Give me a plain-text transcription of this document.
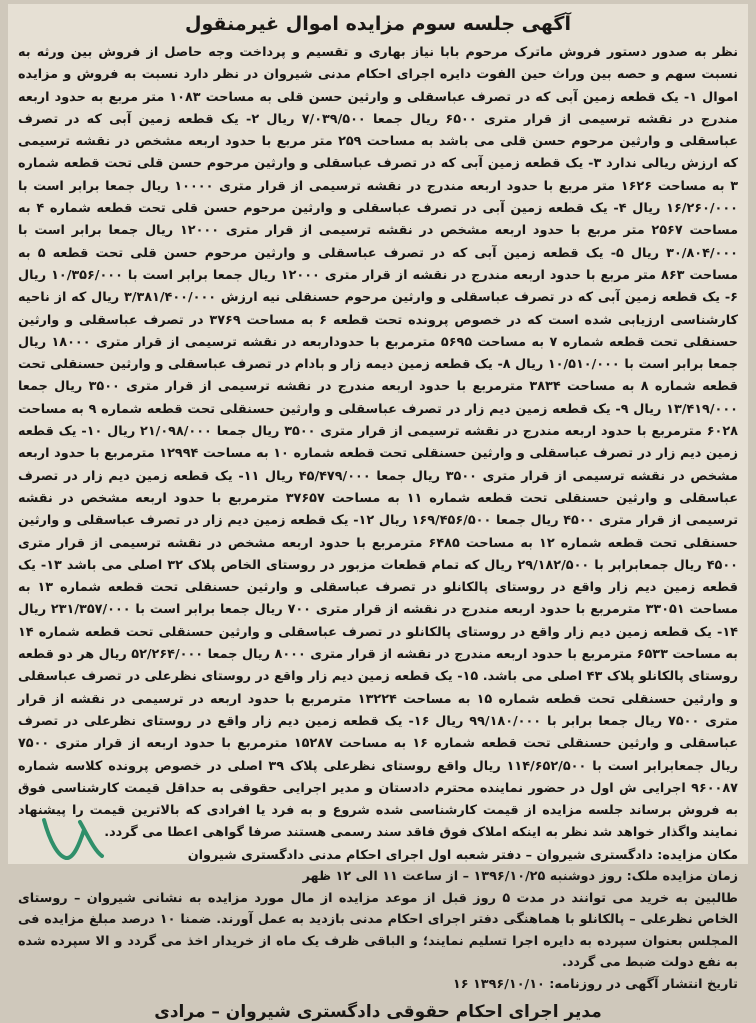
آگهی جلسه سوم مزایده اموال غیرمنقول

نظر به صدور دستور فروش ماترک مرحوم بابا نیاز بهاری و تقسیم و پرداخت وجه حاصل از فروش بین ورثه به نسبت سهم و حصه بین وراث حین الفوت دایره اجرای احکام مدنی شیروان در نظر دارد نسبت به فروش و مزایده اموال ۱- یک قطعه زمین آبی که در تصرف عباسقلی و وارثین حسن قلی به مساحت ۱۰۸۳ متر مربع به حدود اربعه مندرج در نقشه ترسیمی از قرار متری ۶۵۰۰ ریال جمعا ۷/۰۳۹/۵۰۰ ریال ۲- یک قطعه زمین آبی که در تصرف عباسقلی و وارثین مرحوم حسن قلی می باشد به مساحت ۲۵۹ متر مربع با حدود اربعه مشخص در نقشه ترسیمی که ارزش ریالی ندارد ۳- یک قطعه زمین آبی که در تصرف عباسقلی و وارثین مرحوم حسن قلی تحت قطعه شماره ۳ به مساحت ۱۶۲۶ متر مربع با حدود اربعه مندرج در نقشه ترسیمی از قرار متری ۱۰۰۰۰ ریال جمعا برابر است با ۱۶/۲۶۰/۰۰۰ ریال ۴- یک قطعه زمین آبی در تصرف عباسقلی و وارثین مرحوم حسن قلی تحت قطعه شماره ۴ به مساحت ۲۵۶۷ متر مربع با حدود اربعه مشخص در نقشه ترسیمی از قرار متری ۱۲۰۰۰ ریال جمعا برابر است با ۳۰/۸۰۴/۰۰۰ ریال ۵- یک قطعه زمین آبی که در تصرف عباسقلی و وارثین مرحوم حسن قلی تحت قطعه ۵ به مساحت ۸۶۳ متر مربع با حدود اربعه مندرج در نقشه از قرار متری ۱۲۰۰۰ ریال جمعا برابر است با ۱۰/۳۵۶/۰۰۰ ریال ۶- یک قطعه زمین آبی که در تصرف عباسقلی و وارثین مرحوم حسنقلی نیه ارزش ۳/۳۸۱/۴۰۰/۰۰۰ ریال که از ناحیه کارشناسی ارزیابی شده است که در خصوص پرونده تحت قطعه ۶ به مساحت ۳۷۶۹ در تصرف عباسقلی و وارثین حسنقلی تحت قطعه شماره ۷ به مساحت ۵۶۹۵ مترمربع با حدوداربعه در نقشه ترسیمی از قرار متری ۱۸۰۰۰ ریال جمعا برابر است با ۱۰/۵۱۰/۰۰۰ ریال ۸- یک قطعه زمین دیمه زار و بادام در تصرف عباسقلی و وارثین حسنقلی تحت قطعه شماره ۸ به مساحت ۳۸۳۴ مترمربع با حدود اربعه مندرج در نقشه ترسیمی از قرار متری ۳۵۰۰ ریال جمعا ۱۳/۴۱۹/۰۰۰ ریال ۹- یک قطعه زمین دیم زار در تصرف عباسقلی و وارثین حسنقلی تحت قطعه شماره ۹ به مساحت ۶۰۲۸ مترمربع با حدود اربعه مندرج در نقشه ترسیمی از قرار متری ۳۵۰۰ ریال جمعا ۲۱/۰۹۸/۰۰۰ ریال ۱۰- یک قطعه زمین دیم زار در تصرف عباسقلی و وارثین حسنقلی تحت قطعه شماره ۱۰ به مساحت ۱۲۹۹۴ مترمربع با حدود اربعه مشخص در نقشه ترسیمی از قرار متری ۳۵۰۰ ریال جمعا ۴۵/۴۷۹/۰۰۰ ریال ۱۱- یک قطعه زمین دیم زار در تصرف عباسقلی و وارثین حسنقلی تحت قطعه شماره ۱۱ به مساحت ۳۷۶۵۷ مترمربع با حدود اربعه مشخص در نقشه ترسیمی از قرار متری ۴۵۰۰ ریال جمعا ۱۶۹/۴۵۶/۵۰۰ ریال ۱۲- یک قطعه زمین دیم زار در تصرف عباسقلی و وارثین حسنقلی تحت قطعه شماره ۱۲ به مساحت ۶۴۸۵ مترمربع با حدود اربعه مشخص در نقشه ترسیمی از قرار متری ۴۵۰۰ ریال جمعابرابر با ۲۹/۱۸۲/۵۰۰ ریال که تمام قطعات مزبور در روستای الخاص پلاک ۳۲ اصلی می باشد ۱۳- یک قطعه زمین دیم زار واقع در روستای پالکانلو در تصرف عباسقلی و وارثین حسنقلی تحت قطعه شماره ۱۳ به مساحت ۳۳۰۵۱ مترمربع با حدود اربعه مندرج در نقشه از قرار متری ۷۰۰ ریال جمعا برابر است با ۲۳۱/۳۵۷/۰۰۰ ریال ۱۴- یک قطعه زمین دیم زار واقع در روستای پالکانلو در تصرف عباسقلی و وارثین حسنقلی تحت قطعه شماره ۱۴ به مساحت ۶۵۳۳ مترمربع با حدود اربعه مندرج در نقشه از قرار متری ۸۰۰۰ ریال جمعا ۵۲/۲۶۴/۰۰۰ ریال هر دو قطعه روستای پالکانلو پلاک ۴۳ اصلی می باشد. ۱۵- یک قطعه زمین دیم زار واقع در روستای نظرعلی در تصرف عباسقلی و وارثین حسنقلی تحت قطعه شماره ۱۵ به مساحت ۱۳۲۲۴ مترمربع با حدود اربعه در ترسیمی در نقشه از قرار متری ۷۵۰۰ ریال جمعا برابر با ۹۹/۱۸۰/۰۰۰ ریال ۱۶- یک قطعه زمین دیم زار واقع در روستای نظرعلی در تصرف عباسقلی و وارثین حسنقلی تحت قطعه شماره ۱۶ به مساحت ۱۵۲۸۷ مترمربع با حدود اربعه از قرار متری ۷۵۰۰ ریال جمعابرابر است با ۱۱۴/۶۵۲/۵۰۰ ریال واقع روستای نظرعلی پلاک ۳۹ اصلی در خصوص پرونده کلاسه شماره ۹۶۰۰۸۷ اجرایی ش اول در حضور نماینده محترم دادستان و مدیر اجرایی حقوقی به حداقل قیمت کارشناسی فوق به فروش برساند جلسه مزایده از قیمت کارشناسی شده شروع و به فرد یا افرادی که بالاترین قیمت را پیشنهاد نمایند واگذار خواهد شد نظر به اینکه املاک فوق فاقد سند رسمی هستند صرفا گواهی اعطا می گردد.

مکان مزایده: دادگستری شیروان – دفتر شعبه اول اجرای احکام مدنی دادگستری شیروان

زمان مزایده ملک: روز دوشنبه ۱۳۹۶/۱۰/۲۵ – از ساعت ۱۱ الی ۱۲ ظهر

طالبین به خرید می توانند در مدت ۵ روز قبل از موعد مزایده از مال مورد مزایده به نشانی شیروان – روستای الخاص نظرعلی – پالکانلو با هماهنگی دفتر اجرای احکام مدنی بازدید به عمل آورند. ضمنا ۱۰ درصد مبلغ مزایده فی المجلس بعنوان سپرده به دایره اجرا تسلیم نمایند؛ و الباقی ظرف یک ماه از خریدار اخذ می گردد و الا سپرده شده به نفع دولت ضبط می گردد.

تاریخ انتشار آگهی در روزنامه: ۱۳۹۶/۱۰/۱۰ ۱۶

مدیر اجرای احکام حقوقی دادگستری شیروان – مرادی
